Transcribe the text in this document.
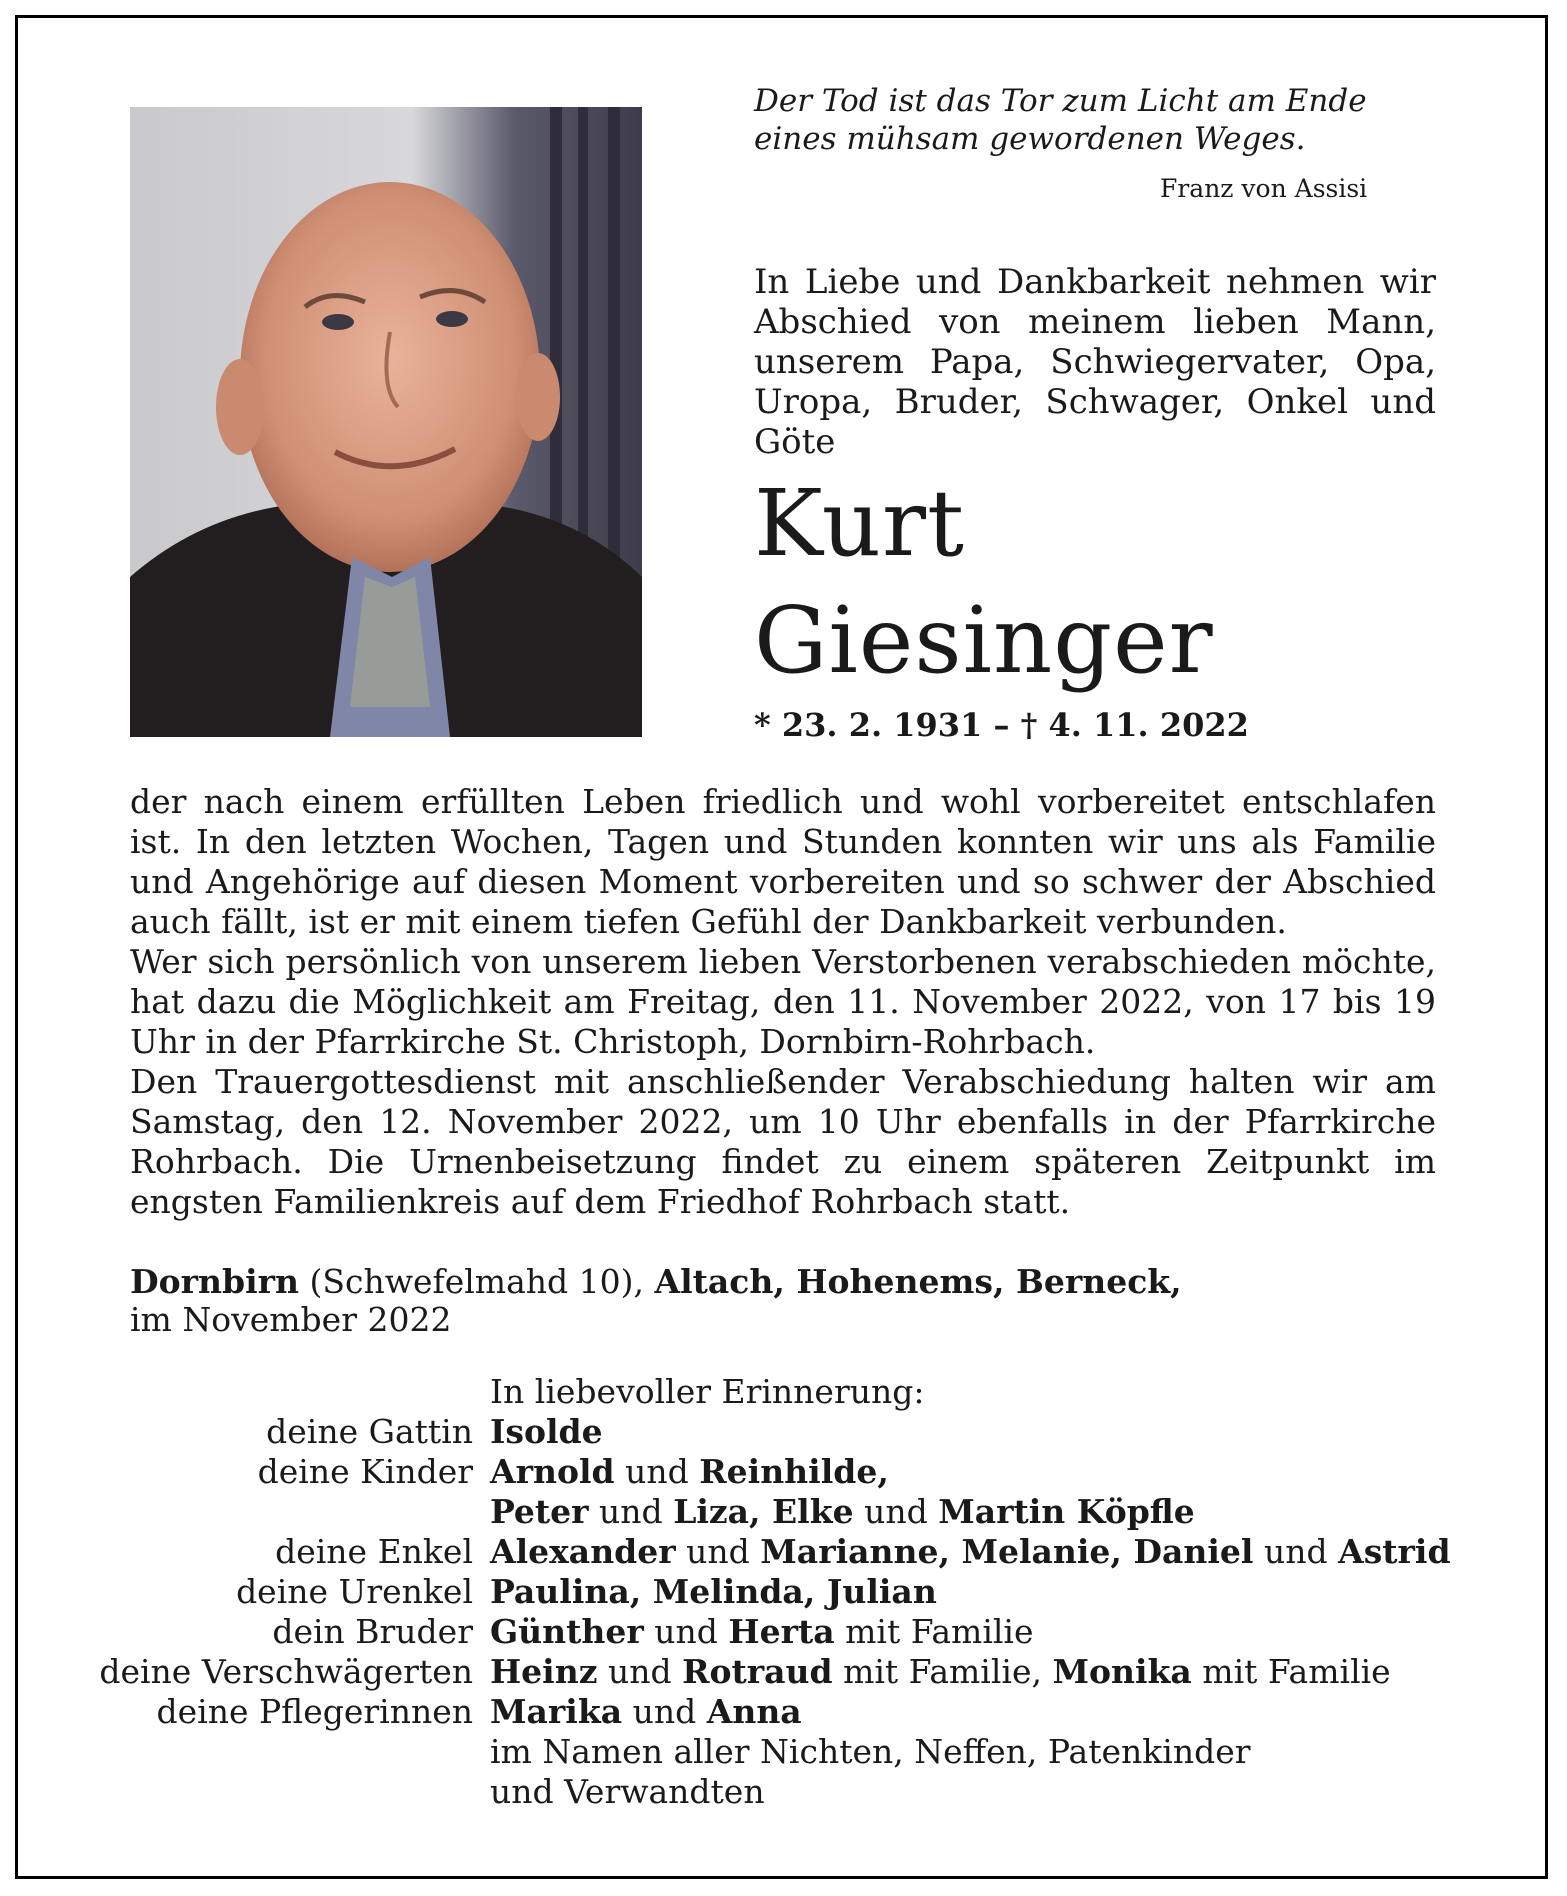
Der Tod ist das Tor zum Licht am Ende
eines mühsam gewordenen Weges.
Franz von Assisi
In Liebe und Dankbarkeit nehmen wir Abschied von meinem lieben Mann, unserem Papa, Schwiegervater, Opa, Uropa, Bruder, Schwager, Onkel und Göte
Kurt
Giesinger
* 23. 2. 1931 – † 4. 11. 2022

der nach einem erfüllten Leben friedlich und wohl vorbereitet entschlafen ist. In den letzten Wochen, Tagen und Stunden konnten wir uns als Familie und Angehörige auf diesen Moment vorbereiten und so schwer der Abschied auch fällt, ist er mit einem tiefen Gefühl der Dankbarkeit verbunden.

Wer sich persönlich von unserem lieben Verstorbenen verabschieden möchte, hat dazu die Möglichkeit am Freitag, den 11. November 2022, von 17 bis 19 Uhr in der Pfarrkirche St. Christoph, Dornbirn-Rohrbach.

Den Trauergottesdienst mit anschließender Verabschiedung halten wir am Samstag, den 12. November 2022, um 10 Uhr ebenfalls in der Pfarrkirche Rohrbach. Die Urnenbeisetzung findet zu einem späteren Zeitpunkt im engsten Familienkreis auf dem Friedhof Rohrbach statt.

Dornbirn (Schwefelmahd 10), Altach, Hohenems, Berneck,
im November 2022
In liebevoller Erinnerung:
deine Gattin Isolde
deine Kinder Arnold und Reinhilde,
Peter und Liza, Elke und Martin Köpfle
deine Enkel Alexander und Marianne, Melanie, Daniel und Astrid
deine Urenkel Paulina, Melinda, Julian
dein Bruder Günther und Herta mit Familie
deine Verschwägerten Heinz und Rotraud mit Familie, Monika mit Familie
deine Pflegerinnen Marika und Anna
im Namen aller Nichten, Neffen, Patenkinder
und Verwandten
